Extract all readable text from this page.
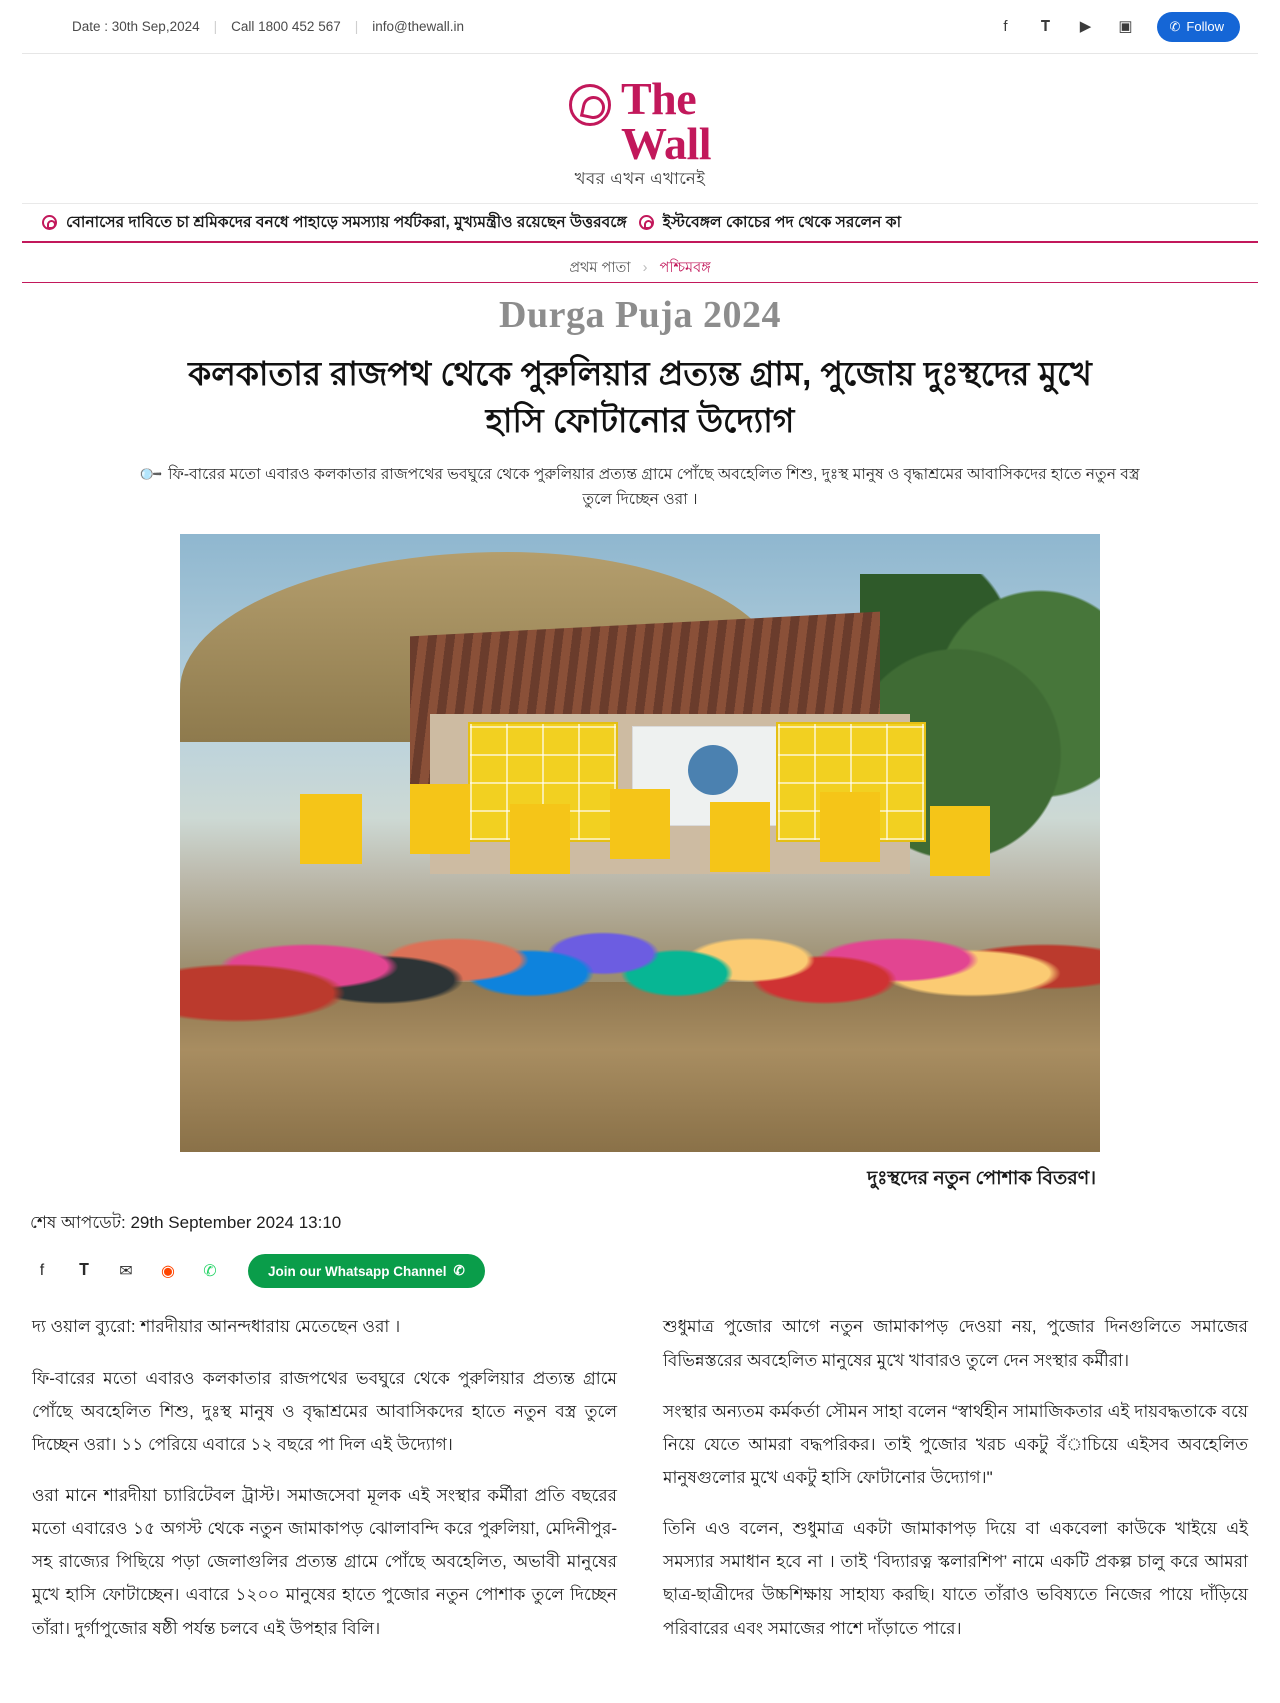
Date : 30th Sep,2024 | Call 1800 452 567 | info@thewall.in	f	𝐓 ▶ ▣	✆ Follow
The
Wall
খবর এখন এখানেই
বোনাসের দাবিতে চা শ্রমিকদের বনধে পাহাড়ে সমস্যায় পর্যটকরা, মুখ্যমন্ত্রীও রয়েছেন উত্তরবঙ্গে ইস্টবেঙ্গল কোচের পদ থেকে সরলেন কা
প্রথম পাতা › পশ্চিমবঙ্গ
Durga Puja 2024
কলকাতার রাজপথ থেকে পুরুলিয়ার প্রত্যন্ত গ্রাম, পুজোয় দুঃস্থদের মুখে হাসি ফোটানোর উদ্যোগ
🔍 ফি-বারের মতো এবারও কলকাতার রাজপথের ভবঘুরে থেকে পুরুলিয়ার প্রত্যন্ত গ্রামে পোঁছে অবহেলিত শিশু, দুঃস্থ মানুষ ও বৃদ্ধাশ্রমের আবাসিকদের হাতে নতুন বস্ত্র তুলে দিচ্ছেন ওরা ।
দুঃস্থদের নতুন পোশাক বিতরণ।
শেষ আপডেট: 29th September 2024 13:10
f	𝐓	✉ ◉ ✆	Join our Whatsapp Channel ✆

দ্য ওয়াল ব্যুরো: শারদীয়ার আনন্দধারায় মেতেছেন ওরা ।

ফি-বারের মতো এবারও কলকাতার রাজপথের ভবঘুরে থেকে পুরুলিয়ার প্রত্যন্ত গ্রামে পোঁছে অবহেলিত শিশু, দুঃস্থ মানুষ ও বৃদ্ধাশ্রমের আবাসিকদের হাতে নতুন বস্ত্র তুলে দিচ্ছেন ওরা। ১১ পেরিয়ে এবারে ১২ বছরে পা দিল এই উদ্যোগ।

ওরা মানে শারদীয়া চ্যারিটেবল ট্রাস্ট। সমাজসেবা মূলক এই সংস্থার কর্মীরা প্রতি বছরের মতো এবারেও ১৫ অগস্ট থেকে নতুন জামাকাপড় ঝোলাবন্দি করে পুরুলিয়া, মেদিনীপুর-সহ রাজ্যের পিছিয়ে পড়া জেলাগুলির প্রত্যন্ত গ্রামে পোঁছে অবহেলিত, অভাবী মানুষের মুখে হাসি ফোটাচ্ছেন। এবারে ১২০০ মানুষের হাতে পুজোর নতুন পোশাক তুলে দিচ্ছেন তাঁরা। দুর্গাপুজোর ষষ্ঠী পর্যন্ত চলবে এই উপহার বিলি।

শুধুমাত্র পুজোর আগে নতুন জামাকাপড় দেওয়া নয়, পুজোর দিনগুলিতে সমাজের বিভিন্নস্তরের অবহেলিত মানুষের মুখে খাবারও তুলে দেন সংস্থার কর্মীরা।

সংস্থার অন্যতম কর্মকর্তা সৌমন সাহা বলেন “স্বার্থহীন সামাজিকতার এই দায়বদ্ধতাকে বয়ে নিয়ে যেতে আমরা বদ্ধপরিকর। তাই পুজোর খরচ একটু বঁাচিয়ে এইসব অবহেলিত মানুষগুলোর মুখে একটু হাসি ফোটানোর উদ্যোগ।"

তিনি এও বলেন, শুধুমাত্র একটা জামাকাপড় দিয়ে বা একবেলা কাউকে খাইয়ে এই সমস্যার সমাধান হবে না । তাই ‘বিদ্যারত্ন স্কলারশিপ’ নামে একটি প্রকল্প চালু করে আমরা ছাত্র-ছাত্রীদের উচ্চশিক্ষায় সাহায্য করছি। যাতে তাঁরাও ভবিষ্যতে নিজের পায়ে দাঁড়িয়ে পরিবারের এবং সমাজের পাশে দাঁড়াতে পারে।
